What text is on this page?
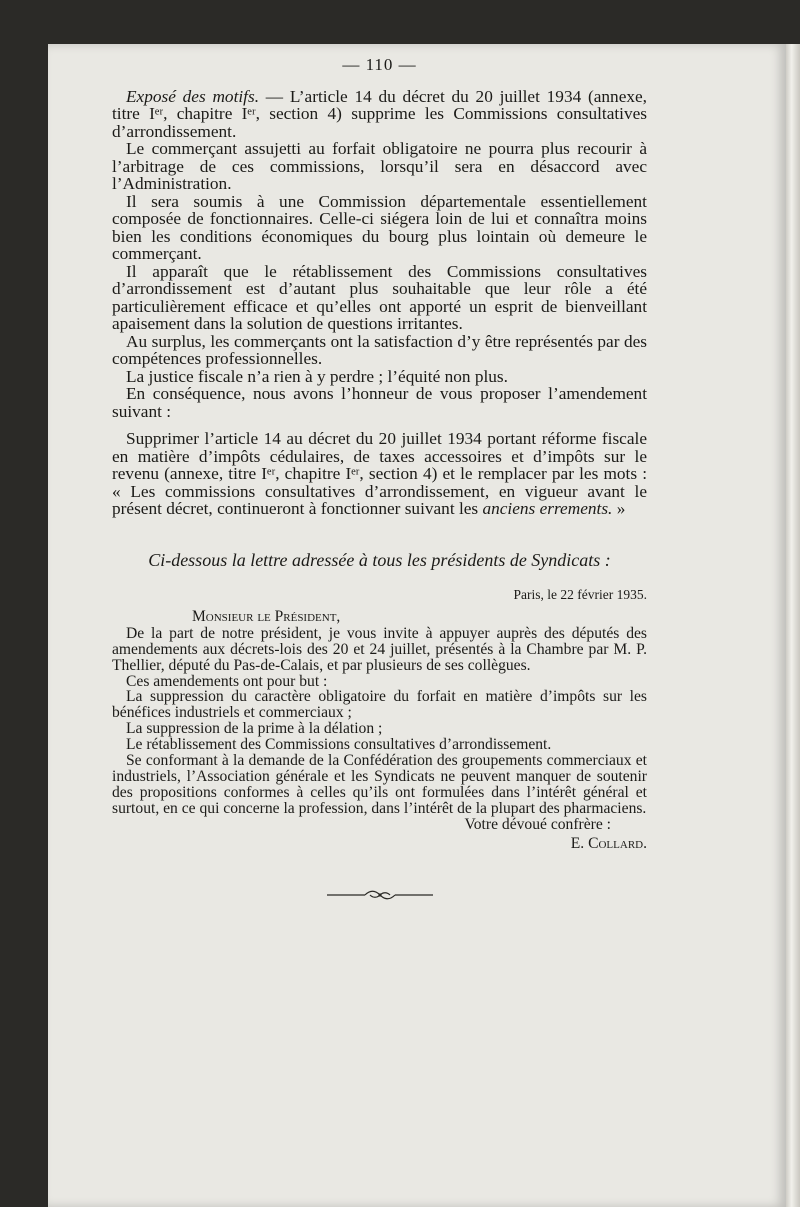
— 110 —

Exposé des motifs. — L’article 14 du décret du 20 juillet 1934 (annexe, titre Iᵉʳ, chapitre Iᵉʳ, section 4) supprime les Commissions consultatives d’arrondissement.

Le commerçant assujetti au forfait obligatoire ne pourra plus recourir à l’arbitrage de ces commissions, lorsqu’il sera en désaccord avec l’Administration.

Il sera soumis à une Commission départementale essentiellement composée de fonctionnaires. Celle-ci siégera loin de lui et connaîtra moins bien les conditions économiques du bourg plus lointain où demeure le commerçant.

Il apparaît que le rétablissement des Commissions consultatives d’arrondissement est d’autant plus souhaitable que leur rôle a été particulièrement efficace et qu’elles ont apporté un esprit de bienveillant apaisement dans la solution de questions irritantes.

Au surplus, les commerçants ont la satisfaction d’y être représentés par des compétences professionnelles.

La justice fiscale n’a rien à y perdre ; l’équité non plus.

En conséquence, nous avons l’honneur de vous proposer l’amendement suivant :

Supprimer l’article 14 au décret du 20 juillet 1934 portant réforme fiscale en matière d’impôts cédulaires, de taxes accessoires et d’impôts sur le revenu (annexe, titre Iᵉʳ, chapitre Iᵉʳ, section 4) et le remplacer par les mots : « Les commissions consultatives d’arrondissement, en vigueur avant le présent décret, continueront à fonctionner suivant les anciens errements. »

Ci-dessous la lettre adressée à tous les présidents de Syndicats :
Paris, le 22 février 1935.
Monsieur le Président,

De la part de notre président, je vous invite à appuyer auprès des députés des amendements aux décrets-lois des 20 et 24 juillet, présentés à la Chambre par M. P. Thellier, député du Pas-de-Calais, et par plusieurs de ses collègues.

Ces amendements ont pour but :

La suppression du caractère obligatoire du forfait en matière d’impôts sur les bénéfices industriels et commerciaux ;

La suppression de la prime à la délation ;

Le rétablissement des Commissions consultatives d’arrondissement.

Se conformant à la demande de la Confédération des groupements commerciaux et industriels, l’Association générale et les Syndicats ne peuvent manquer de soutenir des propositions conformes à celles qu’ils ont formulées dans l’intérêt général et surtout, en ce qui concerne la profession, dans l’intérêt de la plupart des pharmaciens.

Votre dévoué confrère :
E. Collard.
